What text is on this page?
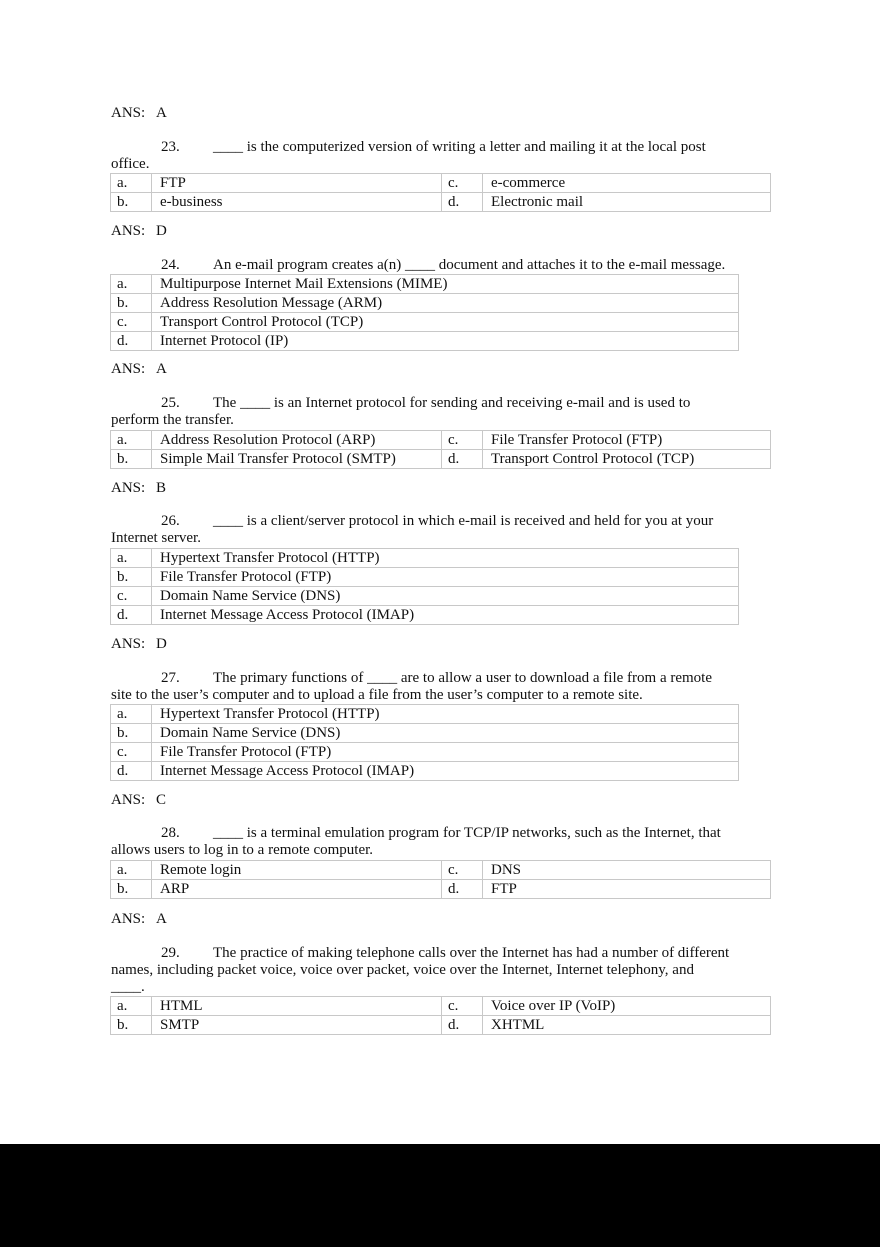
ANS: A
23. ____ is the computerized version of writing a letter and mailing it at the local post
office.
a.	FTP	c.	e-commerce
b.	e-business	d.	Electronic mail
ANS: D
24. An e-mail program creates a(n) ____ document and attaches it to the e-mail message.
a.	Multipurpose Internet Mail Extensions (MIME)
b.	Address Resolution Message (ARM)
c.	Transport Control Protocol (TCP)
d.	Internet Protocol (IP)
ANS: A
25. The ____ is an Internet protocol for sending and receiving e-mail and is used to
perform the transfer.
a.	Address Resolution Protocol (ARP)	c.	File Transfer Protocol (FTP)
b.	Simple Mail Transfer Protocol (SMTP)	d.	Transport Control Protocol (TCP)
ANS: B
26. ____ is a client/server protocol in which e-mail is received and held for you at your
Internet server.
a.	Hypertext Transfer Protocol (HTTP)
b.	File Transfer Protocol (FTP)
c.	Domain Name Service (DNS)
d.	Internet Message Access Protocol (IMAP)
ANS: D
27. The primary functions of ____ are to allow a user to download a file from a remote
site to the user’s computer and to upload a file from the user’s computer to a remote site.
a.	Hypertext Transfer Protocol (HTTP)
b.	Domain Name Service (DNS)
c.	File Transfer Protocol (FTP)
d.	Internet Message Access Protocol (IMAP)
ANS: C
28. ____ is a terminal emulation program for TCP/IP networks, such as the Internet, that
allows users to log in to a remote computer.
a.	Remote login	c.	DNS
b.	ARP	d.	FTP
ANS: A
29. The practice of making telephone calls over the Internet has had a number of different
names, including packet voice, voice over packet, voice over the Internet, Internet telephony, and
____.
a.	HTML	c.	Voice over IP (VoIP)
b.	SMTP	d.	XHTML
